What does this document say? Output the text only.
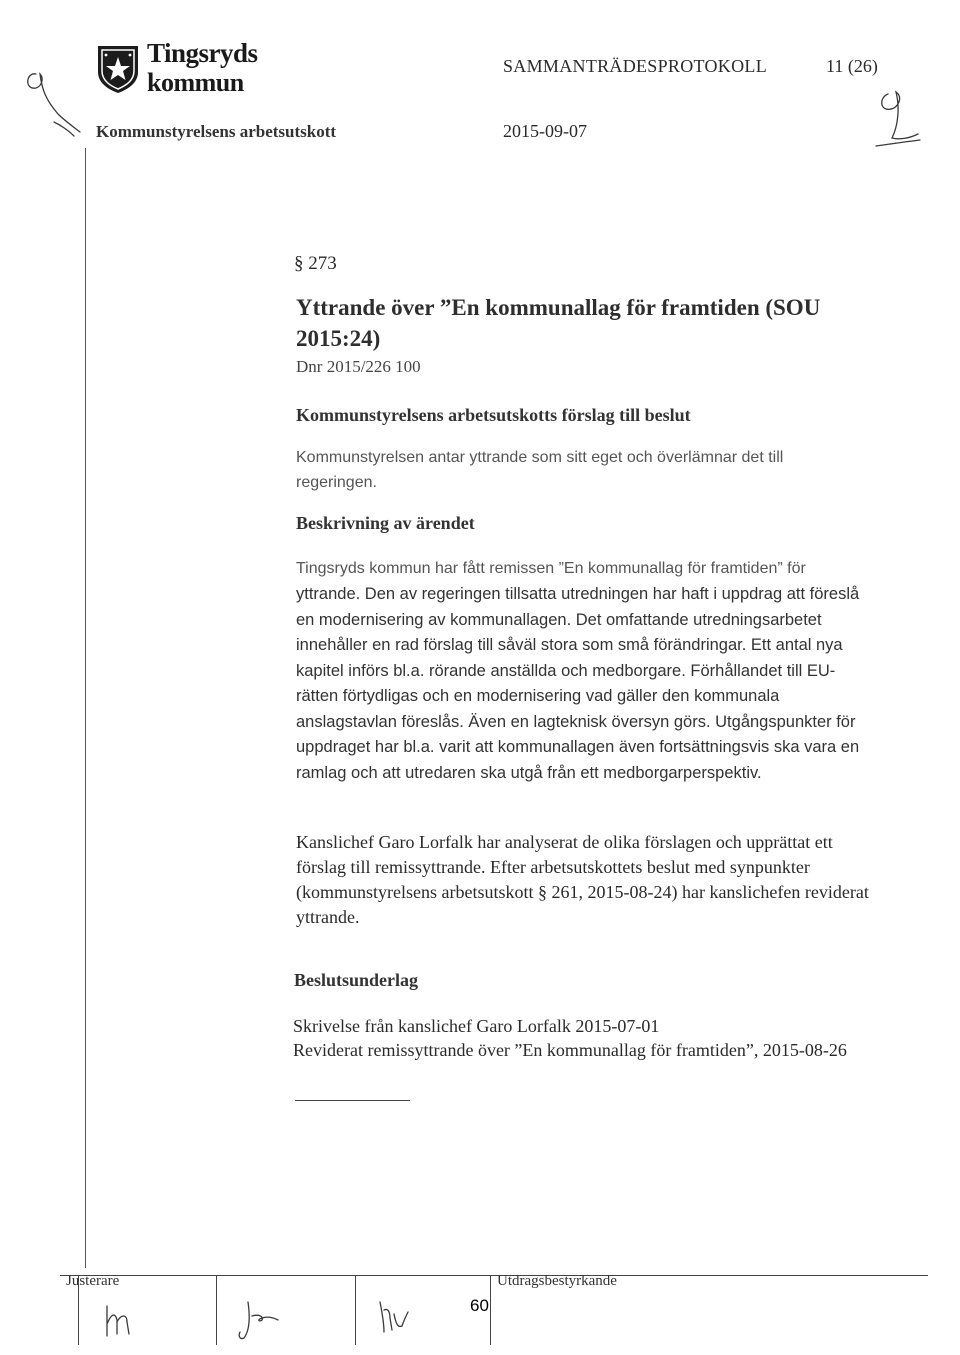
Tingsryds
kommun
SAMMANTRÄDESPROTOKOLL	11 (26)
Kommunstyrelsens arbetsutskott	2015-09-07
§ 273
Yttrande över ”En kommunallag för framtiden (SOU 2015:24)
Dnr 2015/226 100
Kommunstyrelsens arbetsutskotts förslag till beslut
Kommunstyrelsen antar yttrande som sitt eget och överlämnar det till regeringen.
Beskrivning av ärendet
Tingsryds kommun har fått remissen ”En kommunallag för framtiden” för
yttrande. Den av regeringen tillsatta utredningen har haft i uppdrag att föreslå en modernisering av kommunallagen. Det omfattande utredningsarbetet innehåller en rad förslag till såväl stora som små förändringar. Ett antal nya kapitel införs bl.a. rörande anställda och medborgare. Förhållandet till EU-rätten förtydligas och en modernisering vad gäller den kommunala anslagstavlan föreslås. Även en lagteknisk översyn görs. Utgångspunkter för uppdraget har bl.a. varit att kommunallagen även fortsättningsvis ska vara en ramlag och att utredaren ska utgå från ett medborgarperspektiv.
Kanslichef Garo Lorfalk har analyserat de olika förslagen och upprättat ett förslag till remissyttrande. Efter arbetsutskottets beslut med synpunkter (kommunstyrelsens arbetsutskott § 261, 2015-08-24) har kanslichefen reviderat yttrande.
Beslutsunderlag
Skrivelse från kanslichef Garo Lorfalk 2015-07-01
Reviderat remissyttrande över ”En kommunallag för framtiden”, 2015-08-26
Justerare	Utdragsbestyrkande
60
